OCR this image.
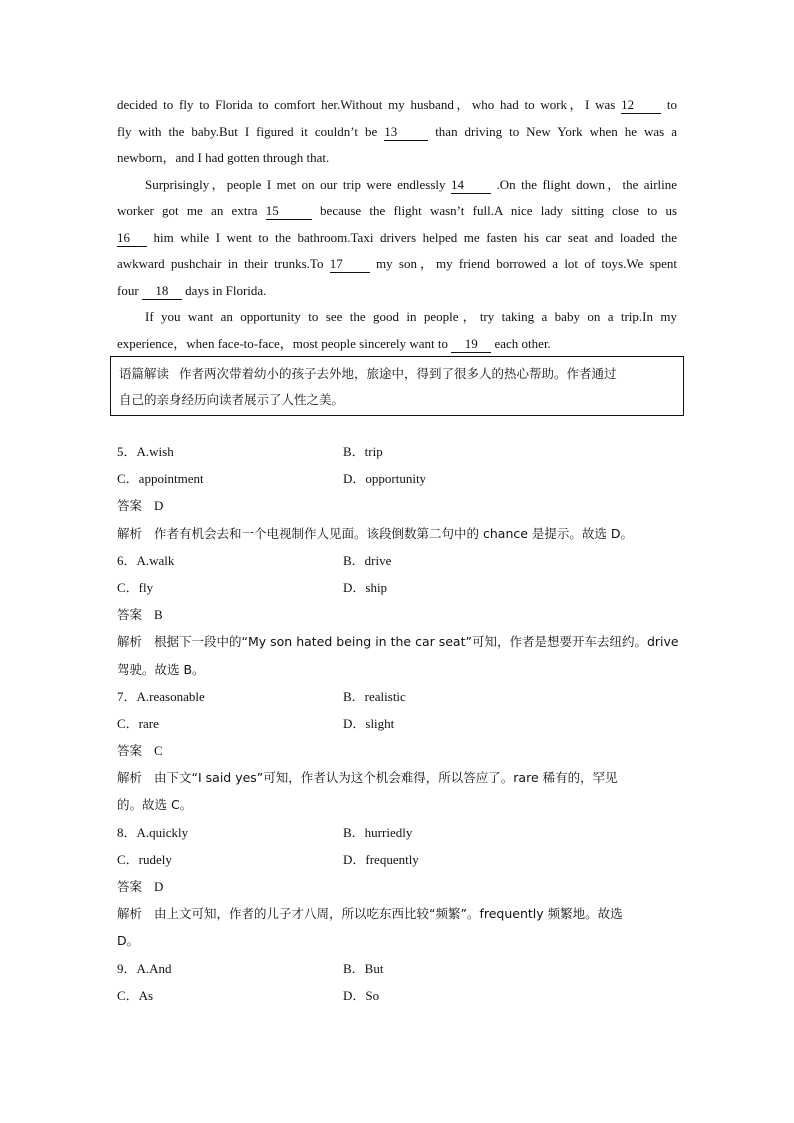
decided to fly to Florida to comfort her.Without my husband，who had to work，I was 12	to
fly with the baby.But I figured it couldn’t be 13	than driving to New York when he was a
newborn，and I had gotten through that.
Surprisingly，people I met on our trip were endlessly 14 .On the flight down，the airline
worker got me an extra 15	because the flight wasn’t full.A nice lady sitting close to us
16 him while I went to the bathroom.Taxi drivers helped me fasten his car seat and loaded the
awkward pushchair in their trunks.To 17	my son，my friend borrowed a lot of toys.We spent
four 18 days in Florida.
If you want an opportunity to see the good in people，try taking a baby on a trip.In my
experience，when face-to-face，most people sincerely want to 19 each other.
语篇解读 作者两次带着幼小的孩子去外地，旅途中，得到了很多人的热心帮助。作者通过
自己的亲身经历向读者展示了人性之美。
5．A.wish	B．trip
C．appointment	D．opportunity
答案 D
解析 作者有机会去和一个电视制作人见面。该段倒数第二句中的 chance 是提示。故选 D。
6．A.walk	B．drive
C．fly	D．ship
答案 B
解析 根据下一段中的“My son hated being in the car seat”可知，作者是想要开车去纽约。drive
驾驶。故选 B。
7．A.reasonable	B．realistic
C．rare	D．slight
答案 C
解析 由下文“I said yes”可知，作者认为这个机会难得，所以答应了。rare 稀有的，罕见
的。故选 C。
8．A.quickly	B．hurriedly
C．rudely	D．frequently
答案 D
解析 由上文可知，作者的儿子才八周，所以吃东西比较“频繁”。frequently 频繁地。故选
D。
9．A.And	B．But
C．As	D．So
